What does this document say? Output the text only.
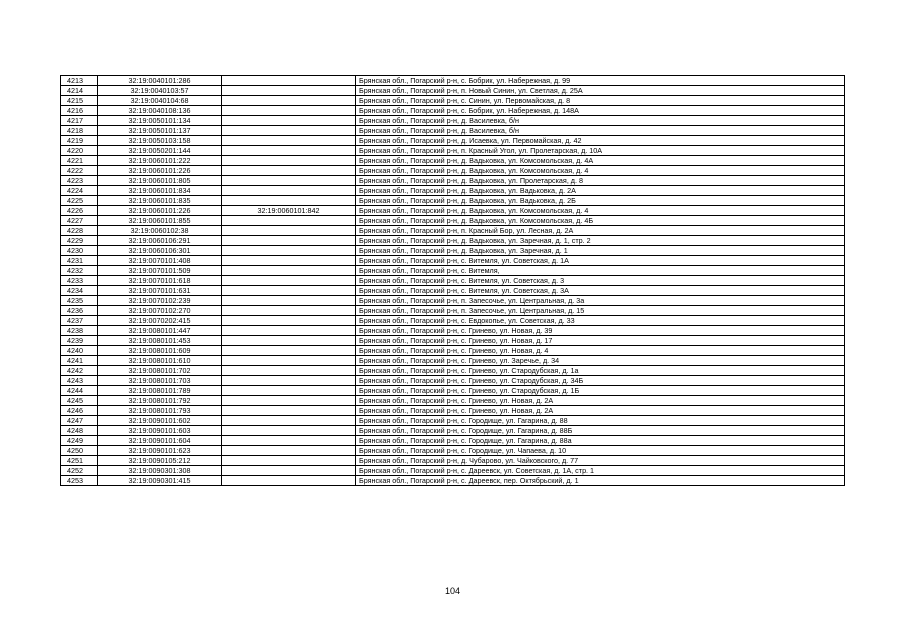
4213	32:19:0040101:286		Брянская обл., Погарский р-н, с. Бобрик, ул. Набережная, д. 99
4214	32:19:0040103:57		Брянская обл., Погарский р-н, п. Новый Синин, ул. Светлая, д. 25А
4215	32:19:0040104:68		Брянская обл., Погарский р-н, с. Синин, ул. Первомайская, д. 8
4216	32:19:0040108:136		Брянская обл., Погарский р-н, с. Бобрик, ул. Набережная, д. 148А
4217	32:19:0050101:134		Брянская обл., Погарский р-н, д. Василевка, б/н
4218	32:19:0050101:137		Брянская обл., Погарский р-н, д. Василевка, б/н
4219	32:19:0050103:158		Брянская обл., Погарский р-н, д. Исаевка, ул. Первомайская, д. 42
4220	32:19:0050201:144		Брянская обл., Погарский р-н, п. Красный Угол, ул. Пролетарская, д. 10А
4221	32:19:0060101:222		Брянская обл., Погарский р-н, д. Вадьковка, ул. Комсомольская, д. 4А
4222	32:19:0060101:226		Брянская обл., Погарский р-н, д. Вадьковка, ул. Комсомольская, д. 4
4223	32:19:0060101:805		Брянская обл., Погарский р-н, д. Вадьковка, ул. Пролетарская, д. 8
4224	32:19:0060101:834		Брянская обл., Погарский р-н, д. Вадьковка, ул. Вадьковка, д. 2А
4225	32:19:0060101:835		Брянская обл., Погарский р-н, д. Вадьковка, ул. Вадьковка, д. 2Б
4226	32:19:0060101:226	32:19:0060101:842	Брянская обл., Погарский р-н, д. Вадьковка, ул. Комсомольская, д. 4
4227	32:19:0060101:855		Брянская обл., Погарский р-н, д. Вадьковка, ул. Комсомольская, д. 4Б
4228	32:19:0060102:38		Брянская обл., Погарский р-н, п. Красный Бор, ул. Лесная, д. 2А
4229	32:19:0060106:291		Брянская обл., Погарский р-н, д. Вадьковка, ул. Заречная, д. 1, стр. 2
4230	32:19:0060106:301		Брянская обл., Погарский р-н, д. Вадьковка, ул. Заречная, д. 1
4231	32:19:0070101:408		Брянская обл., Погарский р-н, с. Витемля, ул. Советская, д. 1А
4232	32:19:0070101:509		Брянская обл., Погарский р-н, с. Витемля,
4233	32:19:0070101:618		Брянская обл., Погарский р-н, с. Витемля, ул. Советская, д. 3
4234	32:19:0070101:631		Брянская обл., Погарский р-н, с. Витемля, ул. Советская, д. 3А
4235	32:19:0070102:239		Брянская обл., Погарский р-н, п. Запесочье, ул. Центральная, д. 3а
4236	32:19:0070102:270		Брянская обл., Погарский р-н, п. Запесочье, ул. Центральная, д. 15
4237	32:19:0070202:415		Брянская обл., Погарский р-н, с. Евдокопье, ул. Советская, д. 33
4238	32:19:0080101:447		Брянская обл., Погарский р-н, с. Гринево, ул. Новая, д. 39
4239	32:19:0080101:453		Брянская обл., Погарский р-н, с. Гринево, ул. Новая, д. 17
4240	32:19:0080101:609		Брянская обл., Погарский р-н, с. Гринево, ул. Новая, д. 4
4241	32:19:0080101:610		Брянская обл., Погарский р-н, с. Гринево, ул. Заречье, д. 34
4242	32:19:0080101:702		Брянская обл., Погарский р-н, с. Гринево, ул. Стародубская, д. 1а
4243	32:19:0080101:703		Брянская обл., Погарский р-н, с. Гринево, ул. Стародубская, д. 34Б
4244	32:19:0080101:789		Брянская обл., Погарский р-н, с. Гринево, ул. Стародубская, д. 1Б
4245	32:19:0080101:792		Брянская обл., Погарский р-н, с. Гринево, ул. Новая, д. 2А
4246	32:19:0080101:793		Брянская обл., Погарский р-н, с. Гринево, ул. Новая, д. 2А
4247	32:19:0090101:602		Брянская обл., Погарский р-н, с. Городище, ул. Гагарина, д. 88
4248	32:19:0090101:603		Брянская обл., Погарский р-н, с. Городище, ул. Гагарина, д. 88Б
4249	32:19:0090101:604		Брянская обл., Погарский р-н, с. Городище, ул. Гагарина, д. 88а
4250	32:19:0090101:623		Брянская обл., Погарский р-н, с. Городище, ул. Чапаева, д. 10
4251	32:19:0090105:212		Брянская обл., Погарский р-н, д. Чубарово, ул. Чайковского, д. 77
4252	32:19:0090301:308		Брянская обл., Погарский р-н, с. Дареевск, ул. Советская, д. 1А, стр. 1
4253	32:19:0090301:415		Брянская обл., Погарский р-н, с. Дареевск, пер. Октябрьский, д. 1
104
